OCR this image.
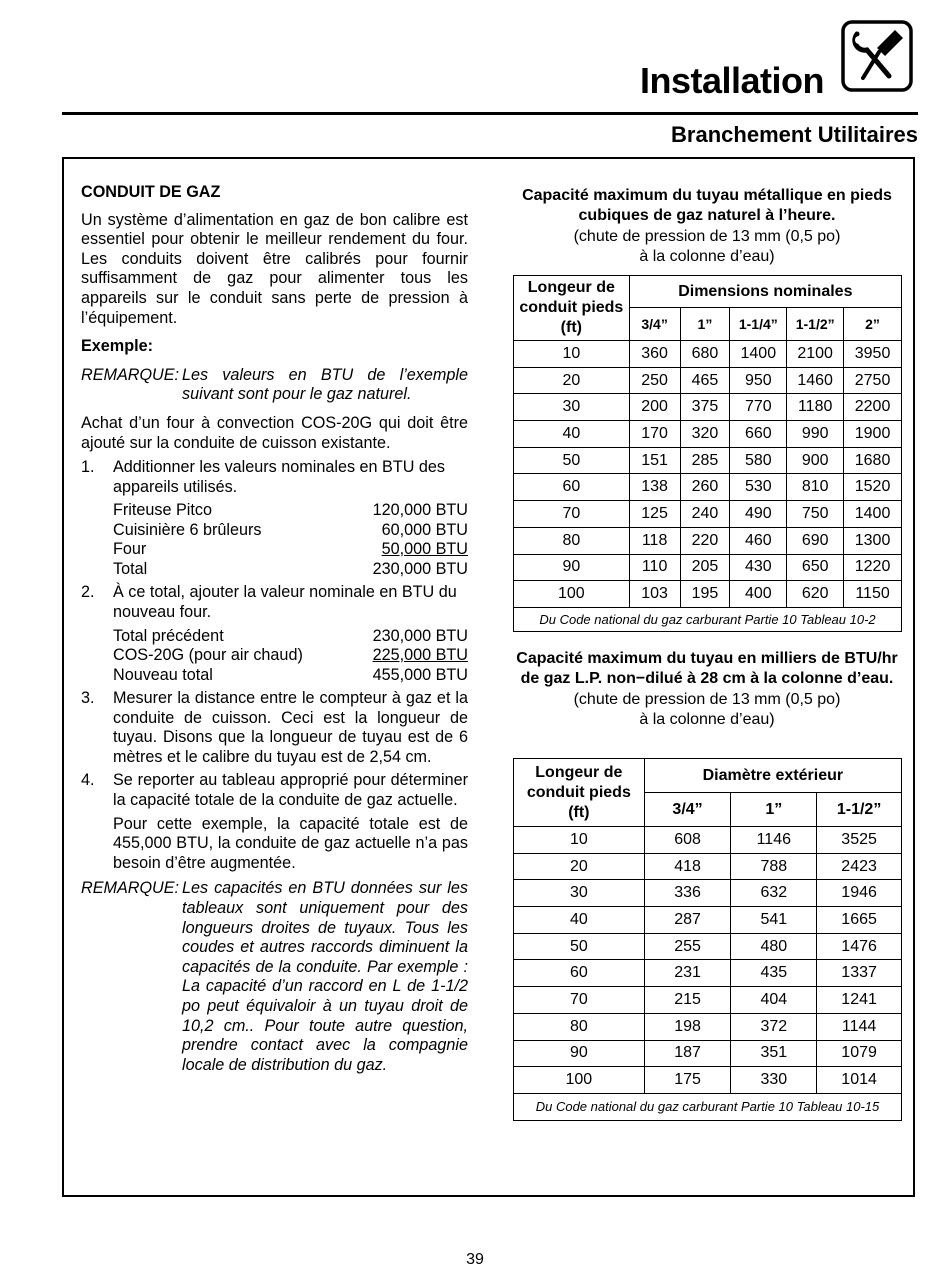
Installation
Branchement Utilitaires

CONDUIT DE GAZ

Un système d’alimentation en gaz de bon calibre est essentiel pour obtenir le meilleur rendement du four. Les conduits doivent être calibrés pour fournir suffisamment de gaz pour alimenter tous les appareils sur le conduit sans perte de pression à l’équipement.

Exemple:

REMARQUE: Les valeurs en BTU de l’exemple suivant sont pour le gaz naturel.

Achat d’un four à convection COS-20G qui doit être ajouté sur la conduite de cuisson existante.

1.	Additionner les valeurs nominales en BTU des appareils utilisés.

Friteuse Pitco	120,000 BTU
Cuisinière 6 brûleurs	60,000 BTU
Four	50,000 BTU
Total	230,000 BTU
2.	À ce total, ajouter la valeur nominale en BTU du nouveau four.

Total précédent	230,000 BTU
COS-20G (pour air chaud)	225,000 BTU
Nouveau total	455,000 BTU
3.	Mesurer la distance entre le compteur à gaz et la conduite de cuisson. Ceci est la longueur de tuyau. Disons que la longueur de tuyau est de 6 mètres et le calibre du tuyau est de 2,54 cm.

4.	Se reporter au tableau approprié pour déterminer la capacité totale de la conduite de gaz actuelle.

Pour cette exemple, la capacité totale est de 455,000 BTU, la conduite de gaz actuelle n’a pas besoin d’être augmentée.

REMARQUE: Les capacités en BTU données sur les tableaux sont uniquement pour des longueurs droites de tuyaux. Tous les coudes et autres raccords diminuent la capacités de la conduite. Par exemple : La capacité d’un raccord en L de 1-1/2 po peut équivaloir à un tuyau droit de 10,2 cm.. Pour toute autre question, prendre contact avec la compagnie locale de distribution du gaz.
Capacité maximum du tuyau métallique en pieds cubiques de gaz naturel à l’heure.
(chute de pression de 13 mm (0,5 po)
à la colonne d’eau)
Longeur de conduit pieds (ft)	Dimensions nominales				
	3/4”	1”	1-1/4”	1-1/2”	2”
10	360	680	1400	2100	3950
20	250	465	950	1460	2750
30	200	375	770	1180	2200
40	170	320	660	990	1900
50	151	285	580	900	1680
60	138	260	530	810	1520
70	125	240	490	750	1400
80	118	220	460	690	1300
90	110	205	430	650	1220
100	103	195	400	620	1150
Du Code national du gaz carburant Partie 10 Tableau 10-2					
Capacité maximum du tuyau en milliers de BTU/hr de gaz L.P. non−dilué à 28 cm à la colonne d’eau.
(chute de pression de 13 mm (0,5 po)
à la colonne d’eau)
Longeur de conduit pieds (ft)	Diamètre extérieur		
	3/4”	1”	1-1/2”
10	608	1146	3525
20	418	788	2423
30	336	632	1946
40	287	541	1665
50	255	480	1476
60	231	435	1337
70	215	404	1241
80	198	372	1144
90	187	351	1079
100	175	330	1014
Du Code national du gaz carburant Partie 10 Tableau 10-15			
39
